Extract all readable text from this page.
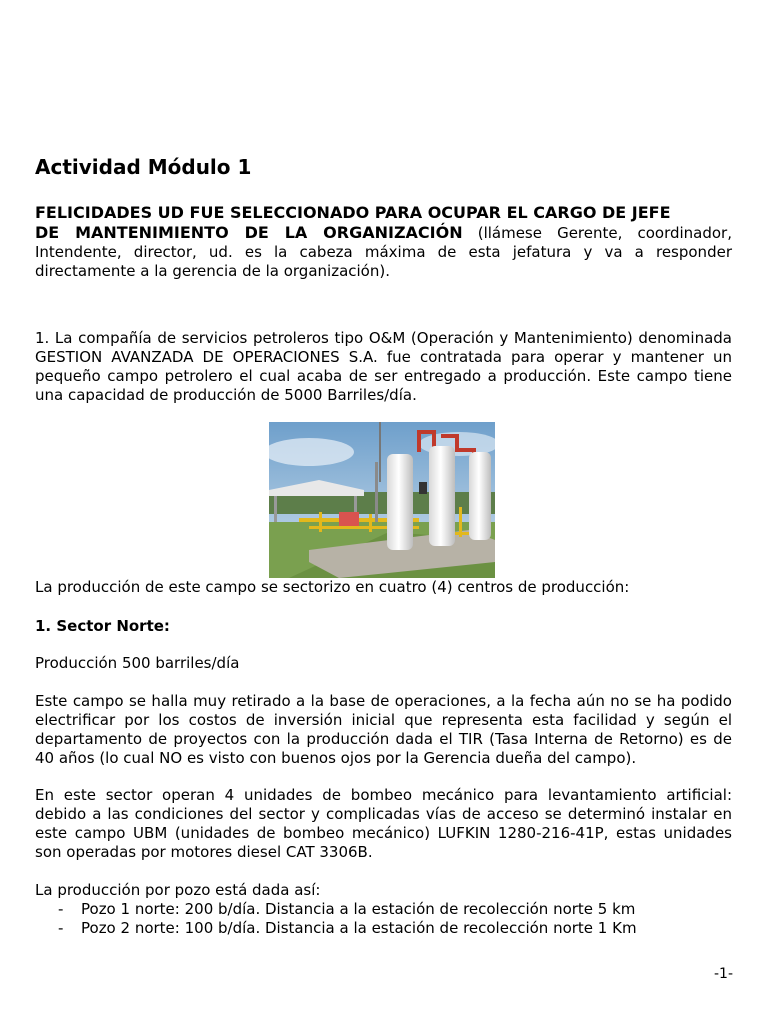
Actividad Módulo 1
FELICIDADES UD FUE SELECCIONADO PARA OCUPAR EL CARGO DE JEFE
DE MANTENIMIENTO DE LA ORGANIZACIÓN (llámese Gerente, coordinador, Intendente, director, ud. es la cabeza máxima de esta jefatura y va a responder directamente a la gerencia de la organización).

1. La compañía de servicios petroleros tipo O&M (Operación y Mantenimiento) denominada GESTION AVANZADA DE OPERACIONES S.A. fue contratada para operar y mantener un pequeño campo petrolero el cual acaba de ser entregado a producción. Este campo tiene una capacidad de producción de 5000 Barriles/día.

La producción de este campo se sectorizo en cuatro (4) centros de producción:

1. Sector Norte:

Producción 500 barriles/día

Este campo se halla muy retirado a la base de operaciones, a la fecha aún no se ha podido electrificar por los costos de inversión inicial que representa esta facilidad y según el departamento de proyectos con la producción dada el TIR (Tasa Interna de Retorno) es de 40 años (lo cual NO es visto con buenos ojos por la Gerencia dueña del campo).

En este sector operan 4 unidades de bombeo mecánico para levantamiento artificial: debido a las condiciones del sector y complicadas vías de acceso se determinó instalar en este campo UBM (unidades de bombeo mecánico) LUFKIN 1280-216-41P, estas unidades son operadas por motores diesel CAT 3306B.

La producción por pozo está dada así:

- Pozo 1 norte: 200 b/día. Distancia a la estación de recolección norte 5 km
- Pozo 2 norte: 100 b/día. Distancia a la estación de recolección norte 1 Km
-1-
